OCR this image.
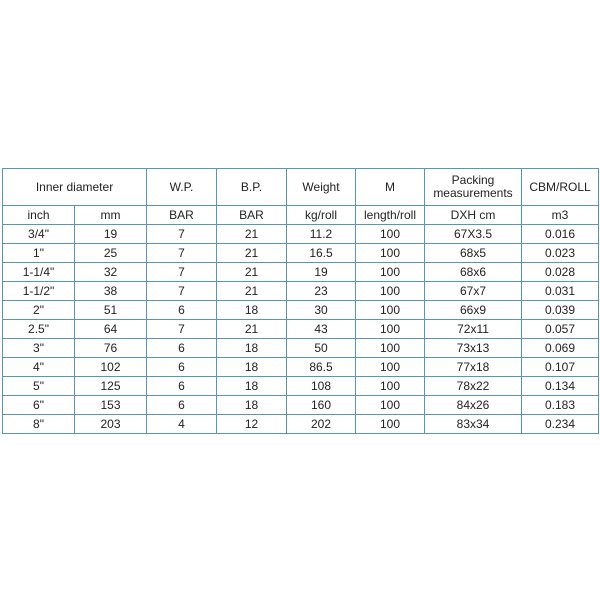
Inner diameter		W.P.	B.P.	Weight	M	Packing measurements	CBM/ROLL
inch	mm	BAR	BAR	kg/roll	length/roll	DXH cm	m3
3/4"	19	7	21	11.2	100	67X3.5	0.016
1"	25	7	21	16.5	100	68x5	0.023
1-1/4"	32	7	21	19	100	68x6	0.028
1-1/2"	38	7	21	23	100	67x7	0.031
2"	51	6	18	30	100	66x9	0.039
2.5"	64	7	21	43	100	72x11	0.057
3"	76	6	18	50	100	73x13	0.069
4"	102	6	18	86.5	100	77x18	0.107
5"	125	6	18	108	100	78x22	0.134
6"	153	6	18	160	100	84x26	0.183
8"	203	4	12	202	100	83x34	0.234
